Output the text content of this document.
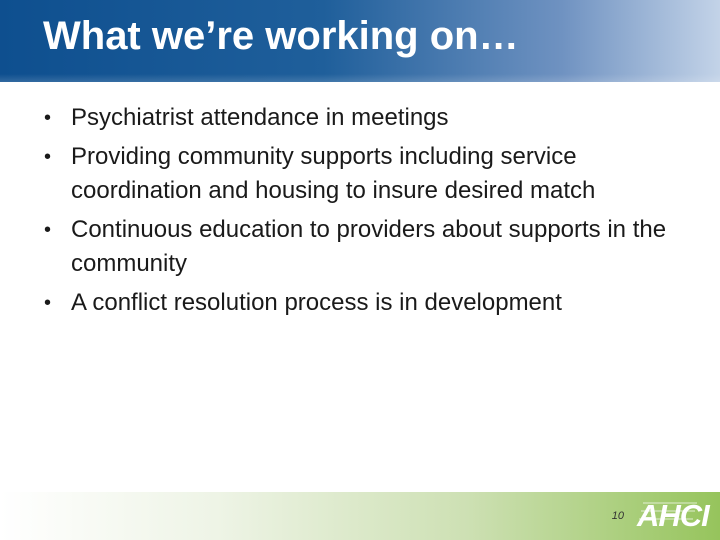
What we’re working on…
• Psychiatrist attendance in meetings
• Providing community supports including service coordination and housing to insure desired match
• Continuous education to providers about supports in the community
• A conflict resolution process is in development
10 AHCI
